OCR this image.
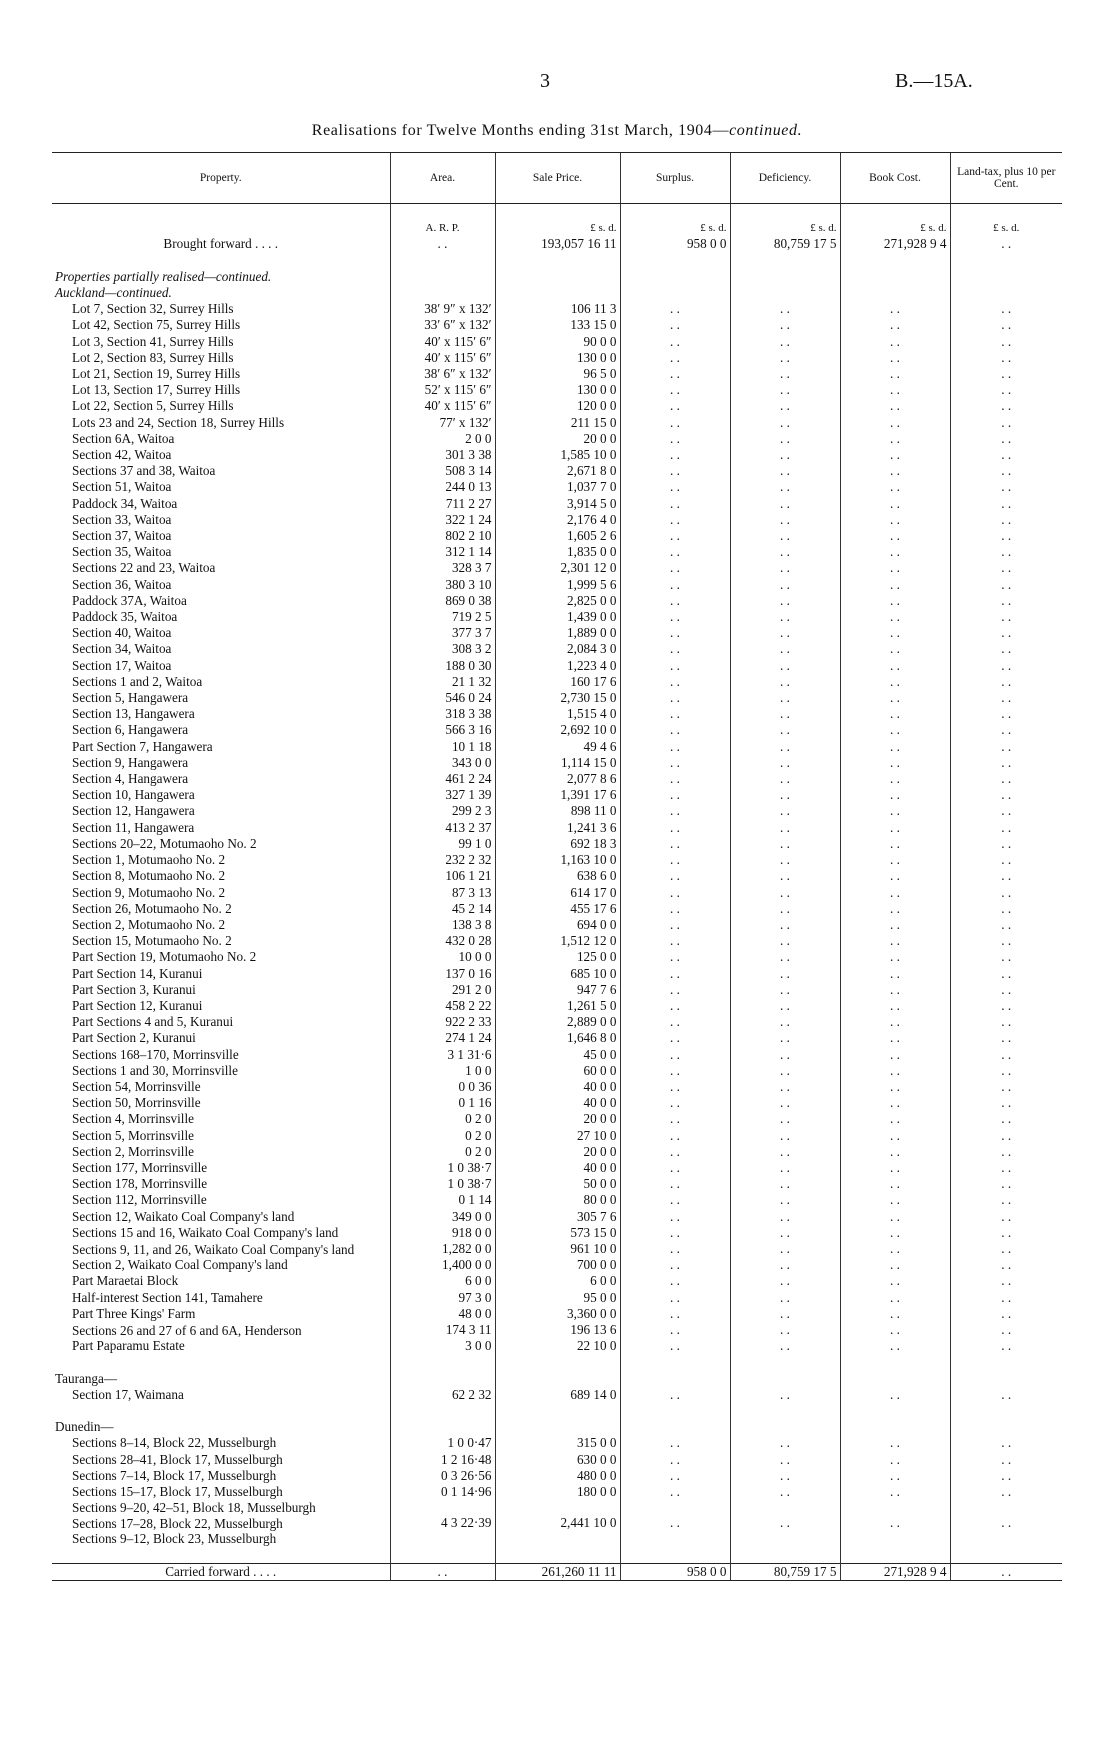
3	B.—15A.
Realisations for Twelve Months ending 31st March, 1904—continued.
Property.	Area.	Sale Price.	Surplus.	Deficiency.	Book Cost.	Land-tax, plus 10 per Cent.

	A. R. P.	£ s. d.	£ s. d.	£ s. d.	£ s. d.	£ s. d.
Brought forward . . . .	. .	193,057 16 11	958 0 0	80,759 17 5	271,928 9 4	. .

Properties partially realised—continued.						
Auckland—continued.						
Lot 7, Section 32, Surrey Hills	38′ 9″ x 132′	106 11 3	. .	. .	. .	. .
Lot 42, Section 75, Surrey Hills	33′ 6″ x 132′	133 15 0	. .	. .	. .	. .
Lot 3, Section 41, Surrey Hills	40′ x 115′ 6″	90 0 0	. .	. .	. .	. .
Lot 2, Section 83, Surrey Hills	40′ x 115′ 6″	130 0 0	. .	. .	. .	. .
Lot 21, Section 19, Surrey Hills	38′ 6″ x 132′	96 5 0	. .	. .	. .	. .
Lot 13, Section 17, Surrey Hills	52′ x 115′ 6″	130 0 0	. .	. .	. .	. .
Lot 22, Section 5, Surrey Hills	40′ x 115′ 6″	120 0 0	. .	. .	. .	. .
Lots 23 and 24, Section 18, Surrey Hills	77′ x 132′	211 15 0	. .	. .	. .	. .
Section 6A, Waitoa	2 0 0	20 0 0	. .	. .	. .	. .
Section 42, Waitoa	301 3 38	1,585 10 0	. .	. .	. .	. .
Sections 37 and 38, Waitoa	508 3 14	2,671 8 0	. .	. .	. .	. .
Section 51, Waitoa	244 0 13	1,037 7 0	. .	. .	. .	. .
Paddock 34, Waitoa	711 2 27	3,914 5 0	. .	. .	. .	. .
Section 33, Waitoa	322 1 24	2,176 4 0	. .	. .	. .	. .
Section 37, Waitoa	802 2 10	1,605 2 6	. .	. .	. .	. .
Section 35, Waitoa	312 1 14	1,835 0 0	. .	. .	. .	. .
Sections 22 and 23, Waitoa	328 3 7	2,301 12 0	. .	. .	. .	. .
Section 36, Waitoa	380 3 10	1,999 5 6	. .	. .	. .	. .
Paddock 37A, Waitoa	869 0 38	2,825 0 0	. .	. .	. .	. .
Paddock 35, Waitoa	719 2 5	1,439 0 0	. .	. .	. .	. .
Section 40, Waitoa	377 3 7	1,889 0 0	. .	. .	. .	. .
Section 34, Waitoa	308 3 2	2,084 3 0	. .	. .	. .	. .
Section 17, Waitoa	188 0 30	1,223 4 0	. .	. .	. .	. .
Sections 1 and 2, Waitoa	21 1 32	160 17 6	. .	. .	. .	. .
Section 5, Hangawera	546 0 24	2,730 15 0	. .	. .	. .	. .
Section 13, Hangawera	318 3 38	1,515 4 0	. .	. .	. .	. .
Section 6, Hangawera	566 3 16	2,692 10 0	. .	. .	. .	. .
Part Section 7, Hangawera	10 1 18	49 4 6	. .	. .	. .	. .
Section 9, Hangawera	343 0 0	1,114 15 0	. .	. .	. .	. .
Section 4, Hangawera	461 2 24	2,077 8 6	. .	. .	. .	. .
Section 10, Hangawera	327 1 39	1,391 17 6	. .	. .	. .	. .
Section 12, Hangawera	299 2 3	898 11 0	. .	. .	. .	. .
Section 11, Hangawera	413 2 37	1,241 3 6	. .	. .	. .	. .
Sections 20–22, Motumaoho No. 2	99 1 0	692 18 3	. .	. .	. .	. .
Section 1, Motumaoho No. 2	232 2 32	1,163 10 0	. .	. .	. .	. .
Section 8, Motumaoho No. 2	106 1 21	638 6 0	. .	. .	. .	. .
Section 9, Motumaoho No. 2	87 3 13	614 17 0	. .	. .	. .	. .
Section 26, Motumaoho No. 2	45 2 14	455 17 6	. .	. .	. .	. .
Section 2, Motumaoho No. 2	138 3 8	694 0 0	. .	. .	. .	. .
Section 15, Motumaoho No. 2	432 0 28	1,512 12 0	. .	. .	. .	. .
Part Section 19, Motumaoho No. 2	10 0 0	125 0 0	. .	. .	. .	. .
Part Section 14, Kuranui	137 0 16	685 10 0	. .	. .	. .	. .
Part Section 3, Kuranui	291 2 0	947 7 6	. .	. .	. .	. .
Part Section 12, Kuranui	458 2 22	1,261 5 0	. .	. .	. .	. .
Part Sections 4 and 5, Kuranui	922 2 33	2,889 0 0	. .	. .	. .	. .
Part Section 2, Kuranui	274 1 24	1,646 8 0	. .	. .	. .	. .
Sections 168–170, Morrinsville	3 1 31·6	45 0 0	. .	. .	. .	. .
Sections 1 and 30, Morrinsville	1 0 0	60 0 0	. .	. .	. .	. .
Section 54, Morrinsville	0 0 36	40 0 0	. .	. .	. .	. .
Section 50, Morrinsville	0 1 16	40 0 0	. .	. .	. .	. .
Section 4, Morrinsville	0 2 0	20 0 0	. .	. .	. .	. .
Section 5, Morrinsville	0 2 0	27 10 0	. .	. .	. .	. .
Section 2, Morrinsville	0 2 0	20 0 0	. .	. .	. .	. .
Section 177, Morrinsville	1 0 38·7	40 0 0	. .	. .	. .	. .
Section 178, Morrinsville	1 0 38·7	50 0 0	. .	. .	. .	. .
Section 112, Morrinsville	0 1 14	80 0 0	. .	. .	. .	. .
Section 12, Waikato Coal Company's land	349 0 0	305 7 6	. .	. .	. .	. .
Sections 15 and 16, Waikato Coal Company's land	918 0 0	573 15 0	. .	. .	. .	. .
Sections 9, 11, and 26, Waikato Coal Company's land	1,282 0 0	961 10 0	. .	. .	. .	. .
Section 2, Waikato Coal Company's land	1,400 0 0	700 0 0	. .	. .	. .	. .
Part Maraetai Block	6 0 0	6 0 0	. .	. .	. .	. .
Half-interest Section 141, Tamahere	97 3 0	95 0 0	. .	. .	. .	. .
Part Three Kings' Farm	48 0 0	3,360 0 0	. .	. .	. .	. .
Sections 26 and 27 of 6 and 6A, Henderson	174 3 11	196 13 6	. .	. .	. .	. .
Part Paparamu Estate	3 0 0	22 10 0	. .	. .	. .	. .

Tauranga—						
Section 17, Waimana	62 2 32	689 14 0	. .	. .	. .	. .

Dunedin—						
Sections 8–14, Block 22, Musselburgh	1 0 0·47	315 0 0	. .	. .	. .	. .
Sections 28–41, Block 17, Musselburgh	1 2 16·48	630 0 0	. .	. .	. .	. .
Sections 7–14, Block 17, Musselburgh	0 3 26·56	480 0 0	. .	. .	. .	. .
Sections 15–17, Block 17, Musselburgh	0 1 14·96	180 0 0	. .	. .	. .	. .

Sections 9–20, 42–51, Block 18, Musselburgh
Sections 17–28, Block 22, Musselburgh
Sections 9–12, Block 23, Musselburgh	4 3 22·39	2,441 10 0	. .	. .	. .	. .

Carried forward . . . .	. .	261,260 11 11	958 0 0	80,759 17 5	271,928 9 4	. .
